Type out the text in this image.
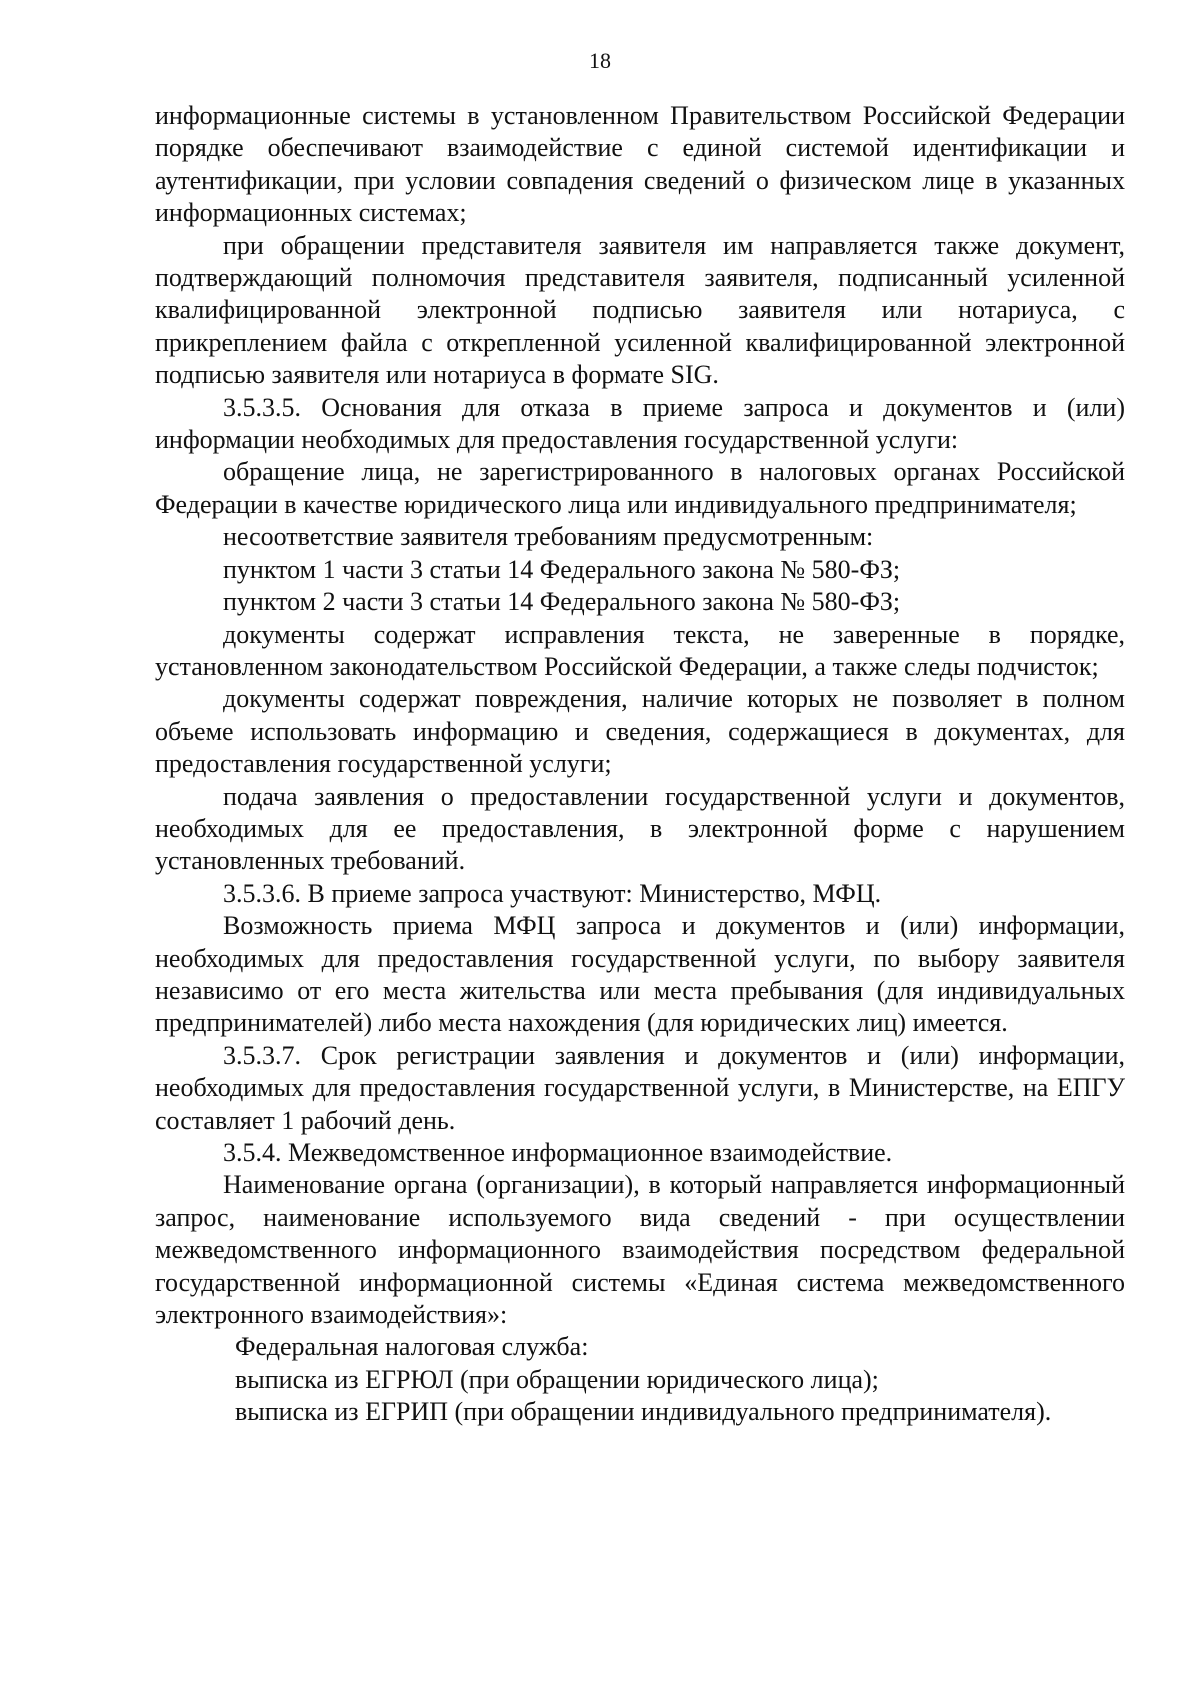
18

информационные системы в установленном Правительством Российской Федерации порядке обеспечивают взаимодействие с единой системой идентификации и аутентификации, при условии совпадения сведений о физическом лице в указанных информационных системах;

при обращении представителя заявителя им направляется также документ, подтверждающий полномочия представителя заявителя, подписанный усиленной квалифицированной электронной подписью заявителя или нотариуса, с прикреплением файла с открепленной усиленной квалифицированной электронной подписью заявителя или нотариуса в формате SIG.

3.5.3.5. Основания для отказа в приеме запроса и документов и (или) информации необходимых для предоставления государственной услуги:

обращение лица, не зарегистрированного в налоговых органах Российской Федерации в качестве юридического лица или индивидуального предпринимателя;

несоответствие заявителя требованиям предусмотренным:

пунктом 1 части 3 статьи 14 Федерального закона № 580-ФЗ;

пунктом 2 части 3 статьи 14 Федерального закона № 580-ФЗ;

документы содержат исправления текста, не заверенные в порядке, установленном законодательством Российской Федерации, а также следы подчисток;

документы содержат повреждения, наличие которых не позволяет в полном объеме использовать информацию и сведения, содержащиеся в документах, для предоставления государственной услуги;

подача заявления о предоставлении государственной услуги и документов, необходимых для ее предоставления, в электронной форме с нарушением установленных требований.

3.5.3.6. В приеме запроса участвуют: Министерство, МФЦ.

Возможность приема МФЦ запроса и документов и (или) информации, необходимых для предоставления государственной услуги, по выбору заявителя независимо от его места жительства или места пребывания (для индивидуальных предпринимателей) либо места нахождения (для юридических лиц) имеется.

3.5.3.7. Срок регистрации заявления и документов и (или) информации, необходимых для предоставления государственной услуги, в Министерстве, на ЕПГУ составляет 1 рабочий день.

3.5.4. Межведомственное информационное взаимодействие.

Наименование органа (организации), в который направляется информационный запрос, наименование используемого вида сведений - при осуществлении межведомственного информационного взаимодействия посредством федеральной государственной информационной системы «Единая система межведомственного электронного взаимодействия»:

Федеральная налоговая служба:

выписка из ЕГРЮЛ (при обращении юридического лица);

выписка из ЕГРИП (при обращении индивидуального предпринимателя).
